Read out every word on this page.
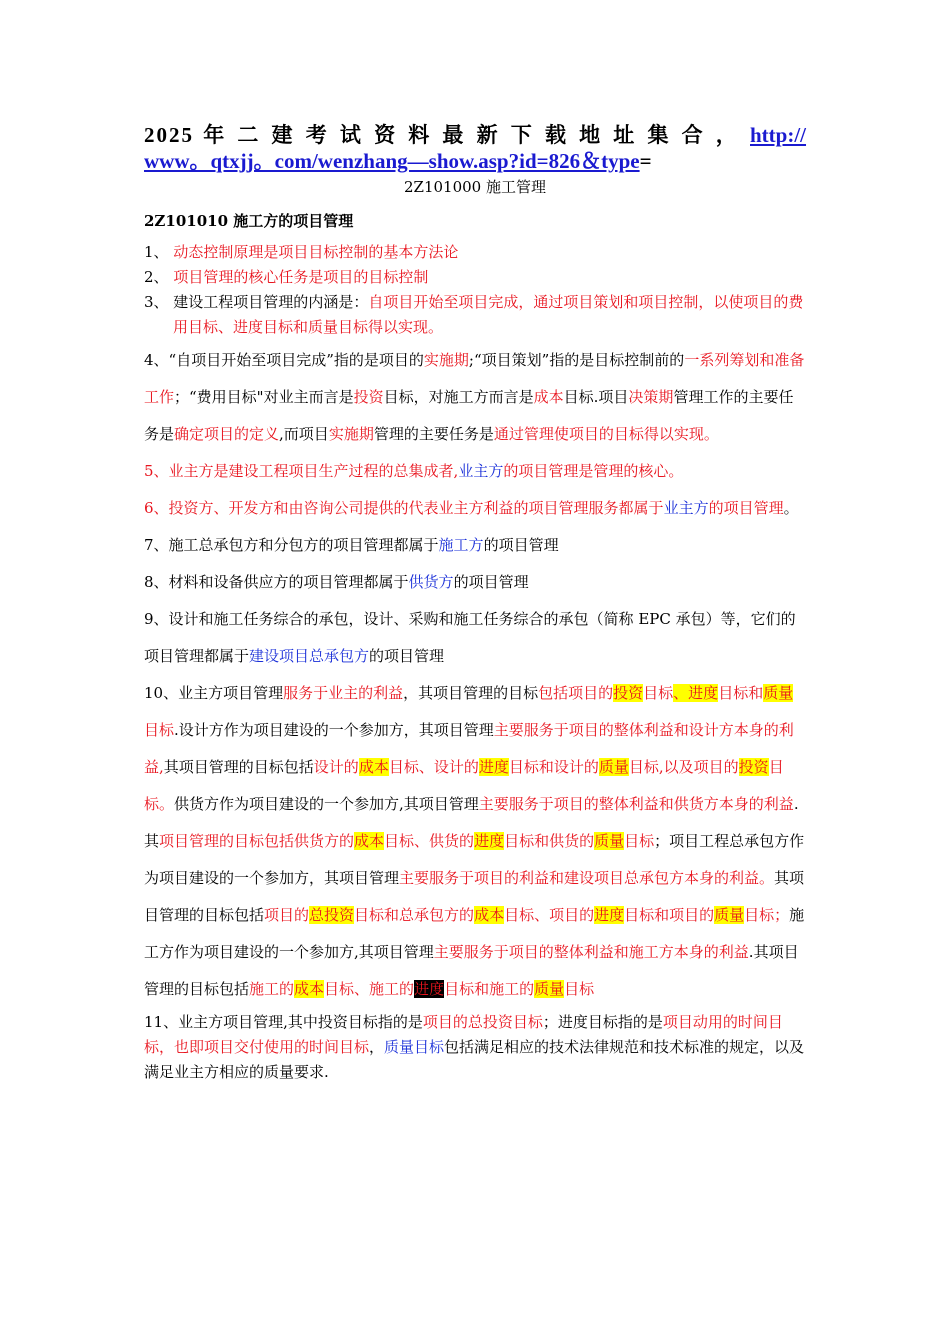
2025 年 二 建 考 试 资 料 最 新 下 载 地 址 集 合 ， http://
www。qtxjj。com/wenzhang—show.asp?id=826＆type=
2Z101000 施工管理
2Z101010 施工方的项目管理

1、 动态控制原理是项目目标控制的基本方法论

2、 项目管理的核心任务是项目的目标控制

3、 建设工程项目管理的内涵是：自项目开始至项目完成，通过项目策划和项目控制，以使项目的费用目标、进度目标和质量目标得以实现。

4、“自项目开始至项目完成”指的是项目的实施期;“项目策划”指的是目标控制前的一系列筹划和准备工作；“费用目标"对业主而言是投资目标，对施工方而言是成本目标.项目决策期管理工作的主要任务是确定项目的定义,而项目实施期管理的主要任务是通过管理使项目的目标得以实现。

5、业主方是建设工程项目生产过程的总集成者,业主方的项目管理是管理的核心。

6、投资方、开发方和由咨询公司提供的代表业主方利益的项目管理服务都属于业主方的项目管理。

7、施工总承包方和分包方的项目管理都属于施工方的项目管理

8、材料和设备供应方的项目管理都属于供货方的项目管理

9、设计和施工任务综合的承包，设计、采购和施工任务综合的承包（简称 EPC 承包）等，它们的项目管理都属于建设项目总承包方的项目管理

10、业主方项目管理服务于业主的利益，其项目管理的目标包括项目的投资目标、进度目标和质量目标.设计方作为项目建设的一个参加方，其项目管理主要服务于项目的整体利益和设计方本身的利益,其项目管理的目标包括设计的成本目标、设计的进度目标和设计的质量目标,以及项目的投资目标。供货方作为项目建设的一个参加方,其项目管理主要服务于项目的整体利益和供货方本身的利益.其项目管理的目标包括供货方的成本目标、供货的进度目标和供货的质量目标；项目工程总承包方作为项目建设的一个参加方，其项目管理主要服务于项目的利益和建设项目总承包方本身的利益。其项目管理的目标包括项目的总投资目标和总承包方的成本目标、项目的进度目标和项目的质量目标；施工方作为项目建设的一个参加方,其项目管理主要服务于项目的整体利益和施工方本身的利益.其项目管理的目标包括施工的成本目标、施工的进度目标和施工的质量目标

11、业主方项目管理,其中投资目标指的是项目的总投资目标；进度目标指的是项目动用的时间目标，也即项目交付使用的时间目标，质量目标包括满足相应的技术法律规范和技术标准的规定，以及满足业主方相应的质量要求.
